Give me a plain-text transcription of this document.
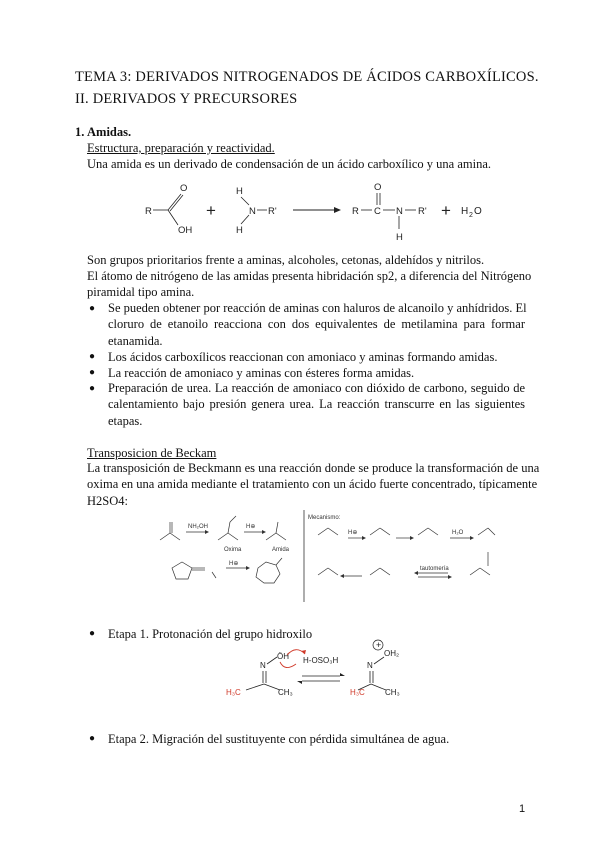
TEMA 3: DERIVADOS NITROGENADOS DE ÁCIDOS CARBOXÍLICOS.
II. DERIVADOS Y PRECURSORES
1. Amidas.
Estructura, preparación y reactividad.
Una amida es un derivado de condensación de un ácido carboxílico y una amina.
R
O
OH
+
H
N R'
H
R C
O
N R'
H
+ H 2 O
Son grupos prioritarios frente a aminas, alcoholes, cetonas, aldehídos y nitrilos.
El átomo de nitrógeno de las amidas presenta hibridación sp2, a diferencia del Nitrógeno
piramidal tipo amina.
● Se pueden obtener por reacción de aminas con haluros de alcanoilo y anhídridos. El
cloruro de etanoilo reacciona con dos equivalentes de metilamina para formar
etanamida.
● Los ácidos carboxílicos reaccionan con amoniaco y aminas formando amidas.
● La reacción de amoniaco y aminas con ésteres forma amidas.
● Preparación de urea. La reacción de amoniaco con dióxido de carbono, seguido de
calentamiento bajo presión genera urea. La reacción transcurre en las siguientes
etapas.
Transposicion de Beckam
La transposición de Beckmann es una reacción donde se produce la transformación de una
oxima en una amida mediante el tratamiento con un ácido fuerte concentrado, típicamente
H2SO4:
NH₂OH	H⊕
Oxima	Amida
H⊕
Mecanismo:
H⊕	H₂O
tautomería
● Etapa 1. Protonación del grupo hidroxilo
N
ÖH H-OSO₃H
H₃C	CH₃
N
OH₂
H₃C	CH₃
+
● Etapa 2. Migración del sustituyente con pérdida simultánea de agua.
1
